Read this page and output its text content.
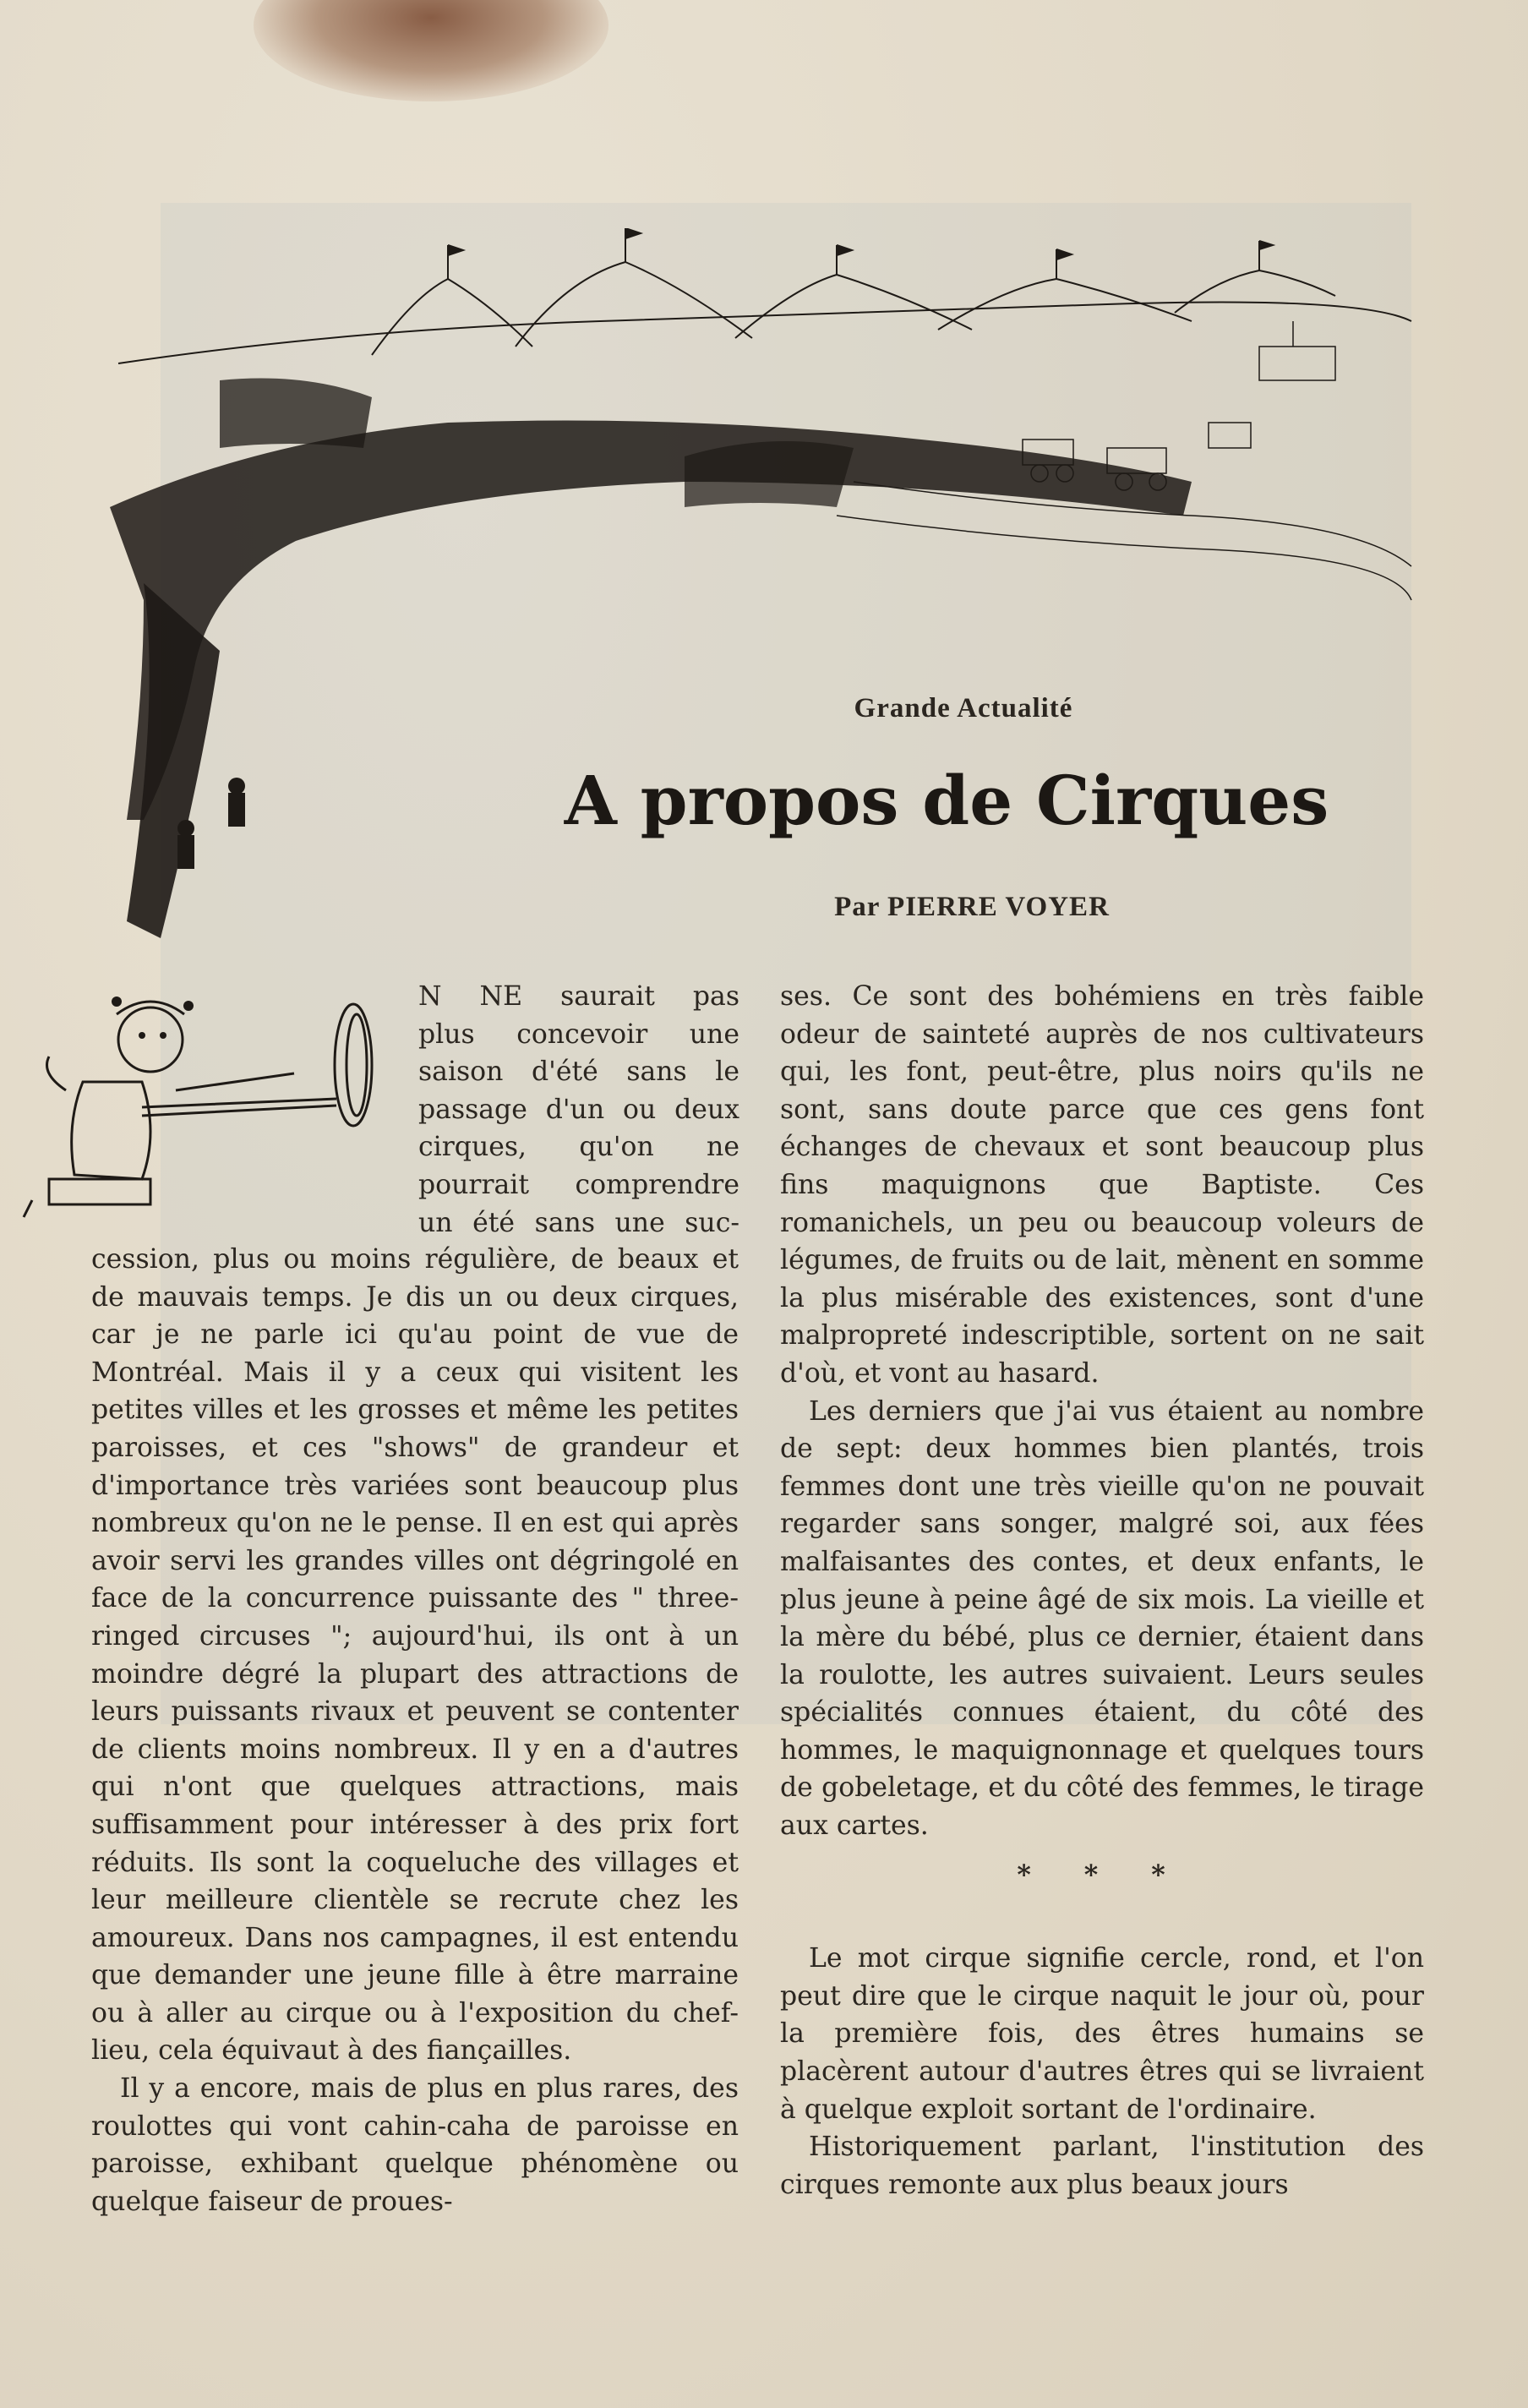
Grande Actualité
A propos de Cirques
Par PIERRE VOYER

N NE saurait pas

plus concevoir une

saison d'été sans le

passage d'un ou deux

cirques, qu'on ne

pourrait comprendre

un été sans une suc-

cession, plus ou moins régulière, de beaux et de mauvais temps. Je dis un ou deux cirques, car je ne parle ici qu'au point de vue de Montréal. Mais il y a ceux qui visitent les petites villes et les grosses et même les petites paroisses, et ces "shows" de grandeur et d'importance très variées sont beaucoup plus nombreux qu'on ne le pense. Il en est qui après avoir servi les grandes villes ont dégringolé en face de la concurrence puissante des " three-ringed circuses "; aujourd'hui, ils ont à un moindre dégré la plupart des attractions de leurs puissants rivaux et peuvent se contenter de clients moins nombreux. Il y en a d'autres qui n'ont que quelques attractions, mais suffisamment pour intéresser à des prix fort réduits. Ils sont la coqueluche des villages et leur meilleure clientèle se recrute chez les amoureux. Dans nos campagnes, il est entendu que demander une jeune fille à être marraine ou à aller au cirque ou à l'exposition du chef-lieu, cela équivaut à des fiançailles.

Il y a encore, mais de plus en plus rares, des roulottes qui vont cahin-caha de paroisse en paroisse, exhibant quelque phénomène ou quelque faiseur de proues-

ses. Ce sont des bohémiens en très faible odeur de sainteté auprès de nos cultivateurs qui, les font, peut-être, plus noirs qu'ils ne sont, sans doute parce que ces gens font échanges de chevaux et sont beaucoup plus fins maquignons que Baptiste. Ces romanichels, un peu ou beaucoup voleurs de légumes, de fruits ou de lait, mènent en somme la plus misérable des existences, sont d'une malpropreté indescriptible, sortent on ne sait d'où, et vont au hasard.

Les derniers que j'ai vus étaient au nombre de sept: deux hommes bien plantés, trois femmes dont une très vieille qu'on ne pouvait regarder sans songer, malgré soi, aux fées malfaisantes des contes, et deux enfants, le plus jeune à peine âgé de six mois. La vieille et la mère du bébé, plus ce dernier, étaient dans la roulotte, les autres suivaient. Leurs seules spécialités connues étaient, du côté des hommes, le maquignonnage et quelques tours de gobeletage, et du côté des femmes, le tirage aux cartes.

* * *

Le mot cirque signifie cercle, rond, et l'on peut dire que le cirque naquit le jour où, pour la première fois, des êtres humains se placèrent autour d'autres êtres qui se livraient à quelque exploit sortant de l'ordinaire.

Historiquement parlant, l'institution des cirques remonte aux plus beaux jours
